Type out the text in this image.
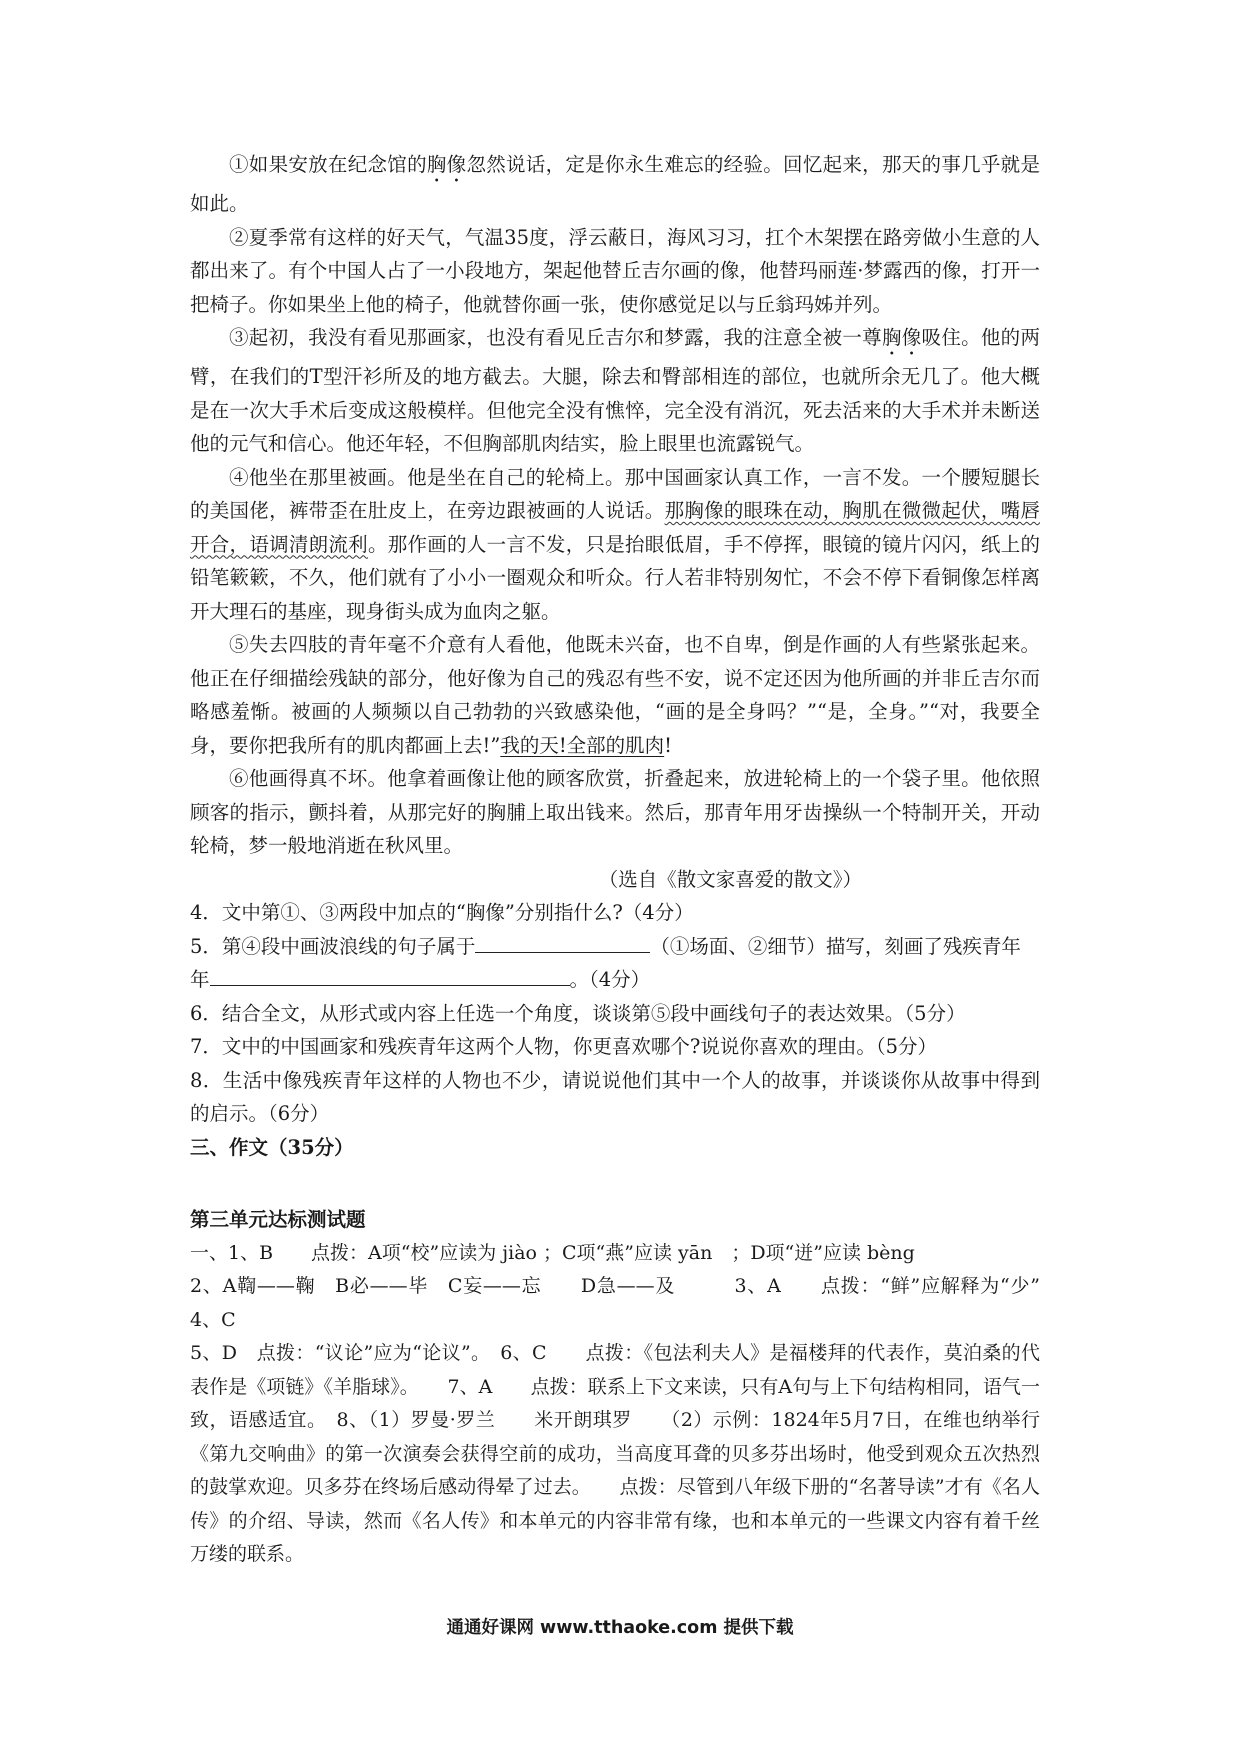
①如果安放在纪念馆的胸像忽然说话，定是你永生难忘的经验。回忆起来，那天的事几乎就是如此。

②夏季常有这样的好天气，气温35度，浮云蔽日，海风习习，扛个木架摆在路旁做小生意的人都出来了。有个中国人占了一小段地方，架起他替丘吉尔画的像，他替玛丽莲·梦露西的像，打开一把椅子。你如果坐上他的椅子，他就替你画一张，使你感觉足以与丘翁玛姊并列。

③起初，我没有看见那画家，也没有看见丘吉尔和梦露，我的注意全被一尊胸像吸住。他的两臂，在我们的T型汗衫所及的地方截去。大腿，除去和臀部相连的部位，也就所余无几了。他大概是在一次大手术后变成这般模样。但他完全没有憔悴，完全没有消沉，死去活来的大手术并未断送他的元气和信心。他还年轻，不但胸部肌肉结实，脸上眼里也流露锐气。

④他坐在那里被画。他是坐在自己的轮椅上。那中国画家认真工作，一言不发。一个腰短腿长的美国佬，裤带歪在肚皮上，在旁边跟被画的人说话。那胸像的眼珠在动，胸肌在微微起伏，嘴唇开合，语调清朗流利。那作画的人一言不发，只是抬眼低眉，手不停挥，眼镜的镜片闪闪，纸上的铅笔簌簌，不久，他们就有了小小一圈观众和听众。行人若非特别匆忙，不会不停下看铜像怎样离开大理石的基座，现身街头成为血肉之躯。

⑤失去四肢的青年毫不介意有人看他，他既未兴奋，也不自卑，倒是作画的人有些紧张起来。他正在仔细描绘残缺的部分，他好像为自己的残忍有些不安，说不定还因为他所画的并非丘吉尔而略感羞惭。被画的人频频以自己勃勃的兴致感染他，“画的是全身吗？”“是，全身。”“对，我要全身，要你把我所有的肌肉都画上去!”我的天!全部的肌肉!

⑥他画得真不坏。他拿着画像让他的顾客欣赏，折叠起来，放进轮椅上的一个袋子里。他依照顾客的指示，颤抖着，从那完好的胸脯上取出钱来。然后，那青年用牙齿操纵一个特制开关，开动轮椅，梦一般地消逝在秋风里。

（选自《散文家喜爱的散文》）

4．文中第①、③两段中加点的“胸像”分别指什么?（4分）

5．第④段中画波浪线的句子属于	（①场面、②细节）描写，刻画了残疾青年
年	。（4分）

6．结合全文，从形式或内容上任选一个角度，谈谈第⑤段中画线句子的表达效果。（5分）

7．文中的中国画家和残疾青年这两个人物，你更喜欢哪个?说说你喜欢的理由。（5分）

8．生活中像残疾青年这样的人物也不少，请说说他们其中一个人的故事，并谈谈你从故事中得到的启示。（6分）

三、作文（35分）

第三单元达标测试题

一、1、B　　点拨：A项“校”应读为 jiào ；C项“燕”应读 yān　；D项“迸”应读 bèng

2、A鞫——鞠　B必——毕　C妄——忘　　D急——及　　　3、A　　点拨：“鲜”应解释为“少”　　4、C

5、D　点拨：“议论”应为“论议”。　6、C　　点拨：《包法利夫人》是福楼拜的代表作，莫泊桑的代表作是《项链》《羊脂球》。　　7、A　　点拨：联系上下文来读，只有A句与上下句结构相同，语气一致，语感适宜。　8、（1）罗曼·罗兰　　米开朗琪罗　　（2）示例：1824年5月7日，在维也纳举行《第九交响曲》的第一次演奏会获得空前的成功，当高度耳聋的贝多芬出场时，他受到观众五次热烈的鼓掌欢迎。贝多芬在终场后感动得晕了过去。　　点拨：尽管到八年级下册的“名著导读”才有《名人传》的介绍、导读，然而《名人传》和本单元的内容非常有缘，也和本单元的一些课文内容有着千丝万缕的联系。

通通好课网 www.tthaoke.com 提供下载
